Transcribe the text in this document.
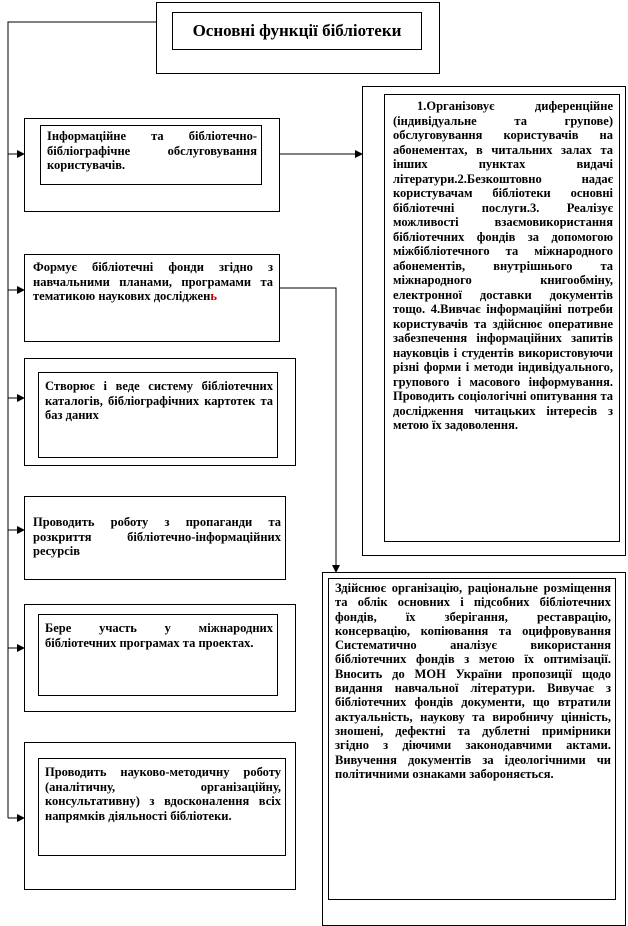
Основні функції бібліотеки
Інформаційне та бібліотечно-бібліографічне обслуговування користувачів.
Формує бібліотечні фонди згідно з навчальними планами, програмами та тематикою наукових досліджень
Створює і веде систему бібліотечних каталогів, бібліографічних картотек та баз даних
Проводить роботу з пропаганди та розкриття бібліотечно-інформаційних ресурсів
Бере участь у міжнародних бібліотечних програмах та проектах.
Проводить науково-методичну роботу (аналітичну, організаційну, консультативну) з вдосконалення всіх напрямків діяльності бібліотеки.
1.Організовує диференційне (індивідуальне та групове) обслуговування користувачів на абонементах, в читальних залах та інших пунктах видачі літератури.2.Безкоштовно надає користувачам бібліотеки основні бібліотечні послуги.3. Реалізує можливості взаємовикористання бібліотечних фондів за допомогою міжбібліотечного та міжнародного абонементів, внутрішнього та міжнародного книгообміну, електронної доставки документів тощо. 4.Вивчає інформаційні потреби користувачів та здійснює оперативне забезпечення інформаційних запитів науковців і студентів використовуючи різні форми і методи індивідуального, групового і масового інформування. Проводить соціологічні опитування та дослідження читацьких інтересів з метою їх задоволення.
Здійснює організацію, раціональне розміщення та облік основних і підсобних бібліотечних фондів, їх зберігання, реставрацію, консервацію, копіювання та оцифровування Систематично аналізує використання бібліотечних фондів з метою їх оптимізації. Вносить до МОН України пропозиції щодо видання навчальної літератури. Вивучає з бібліотечних фондів документи, що втратили актуальність, наукову та виробничу цінність, зношені, дефектні та дублетні примірники згідно з діючими законодавчими актами. Вивучення документів за ідеологічними чи політичними ознаками забороняється.
